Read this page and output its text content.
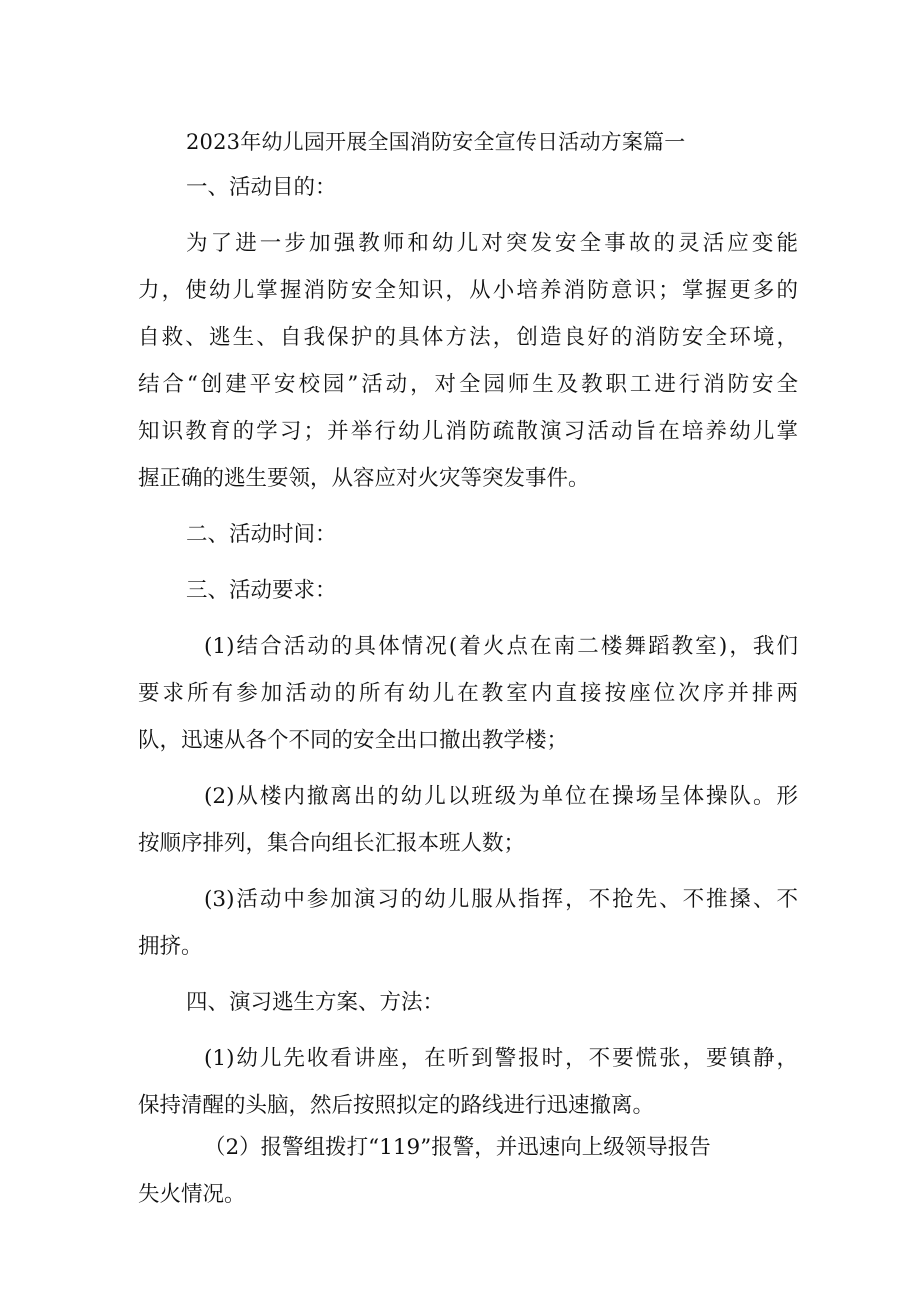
2023年幼儿园开展全国消防安全宣传日活动方案篇一
一、活动目的：
为了进一步加强教师和幼儿对突发安全事故的灵活应变能
力，使幼儿掌握消防安全知识，从小培养消防意识；掌握更多的
自救、逃生、自我保护的具体方法，创造良好的消防安全环境，
结合“创建平安校园”活动，对全园师生及教职工进行消防安全
知识教育的学习；并举行幼儿消防疏散演习活动旨在培养幼儿掌
握正确的逃生要领，从容应对火灾等突发事件。
二、活动时间：
三、活动要求：
(1)结合活动的具体情况(着火点在南二楼舞蹈教室)，我们
要求所有参加活动的所有幼儿在教室内直接按座位次序并排两
队，迅速从各个不同的安全出口撤出教学楼；
(2)从楼内撤离出的幼儿以班级为单位在操场呈体操队。形
按顺序排列，集合向组长汇报本班人数；
(3)活动中参加演习的幼儿服从指挥，不抢先、不推搡、不
拥挤。
四、演习逃生方案、方法：
(1)幼儿先收看讲座，在听到警报时，不要慌张，要镇静，
保持清醒的头脑，然后按照拟定的路线进行迅速撤离。
（2）报警组拨打“119”报警，并迅速向上级领导报告
失火情况。
